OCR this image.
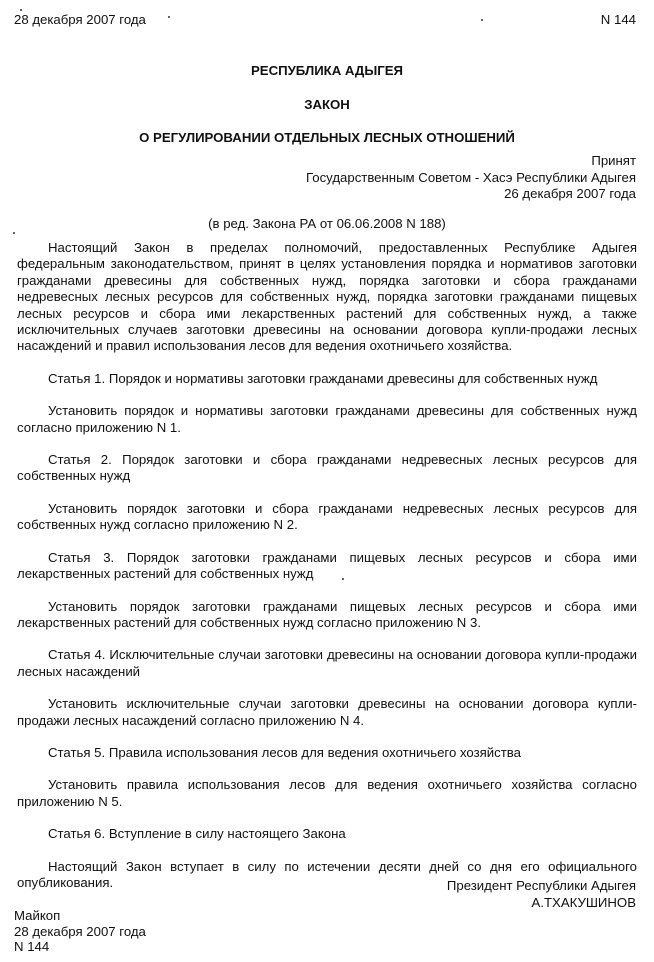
28 декабря 2007 года	N 144
РЕСПУБЛИКА АДЫГЕЯ
ЗАКОН
О РЕГУЛИРОВАНИИ ОТДЕЛЬНЫХ ЛЕСНЫХ ОТНОШЕНИЙ
Принят
Государственным Советом - Хасэ Республики Адыгея
26 декабря 2007 года
(в ред. Закона РА от 06.06.2008 N 188)

Настоящий Закон в пределах полномочий, предоставленных Республике Адыгея федеральным законодательством, принят в целях установления порядка и нормативов заготовки гражданами древесины для собственных нужд, порядка заготовки и сбора гражданами недревесных лесных ресурсов для собственных нужд, порядка заготовки гражданами пищевых лесных ресурсов и сбора ими лекарственных растений для собственных нужд, а также исключительных случаев заготовки древесины на основании договора купли-продажи лесных насаждений и правил использования лесов для ведения охотничьего хозяйства.

Статья 1. Порядок и нормативы заготовки гражданами древесины для собственных нужд

Установить порядок и нормативы заготовки гражданами древесины для собственных нужд согласно приложению N 1.

Статья 2. Порядок заготовки и сбора гражданами недревесных лесных ресурсов для собственных нужд

Установить порядок заготовки и сбора гражданами недревесных лесных ресурсов для собственных нужд согласно приложению N 2.

Статья 3. Порядок заготовки гражданами пищевых лесных ресурсов и сбора ими лекарственных растений для собственных нужд

Установить порядок заготовки гражданами пищевых лесных ресурсов и сбора ими лекарственных растений для собственных нужд согласно приложению N 3.

Статья 4. Исключительные случаи заготовки древесины на основании договора купли-продажи лесных насаждений

Установить исключительные случаи заготовки древесины на основании договора купли-продажи лесных насаждений согласно приложению N 4.

Статья 5. Правила использования лесов для ведения охотничьего хозяйства

Установить правила использования лесов для ведения охотничьего хозяйства согласно приложению N 5.

Статья 6. Вступление в силу настоящего Закона

Настоящий Закон вступает в силу по истечении десяти дней со дня его официального опубликования.	Президент Республики Адыгея
А.ТХАКУШИНОВ
Майкоп
28 декабря 2007 года
N 144
